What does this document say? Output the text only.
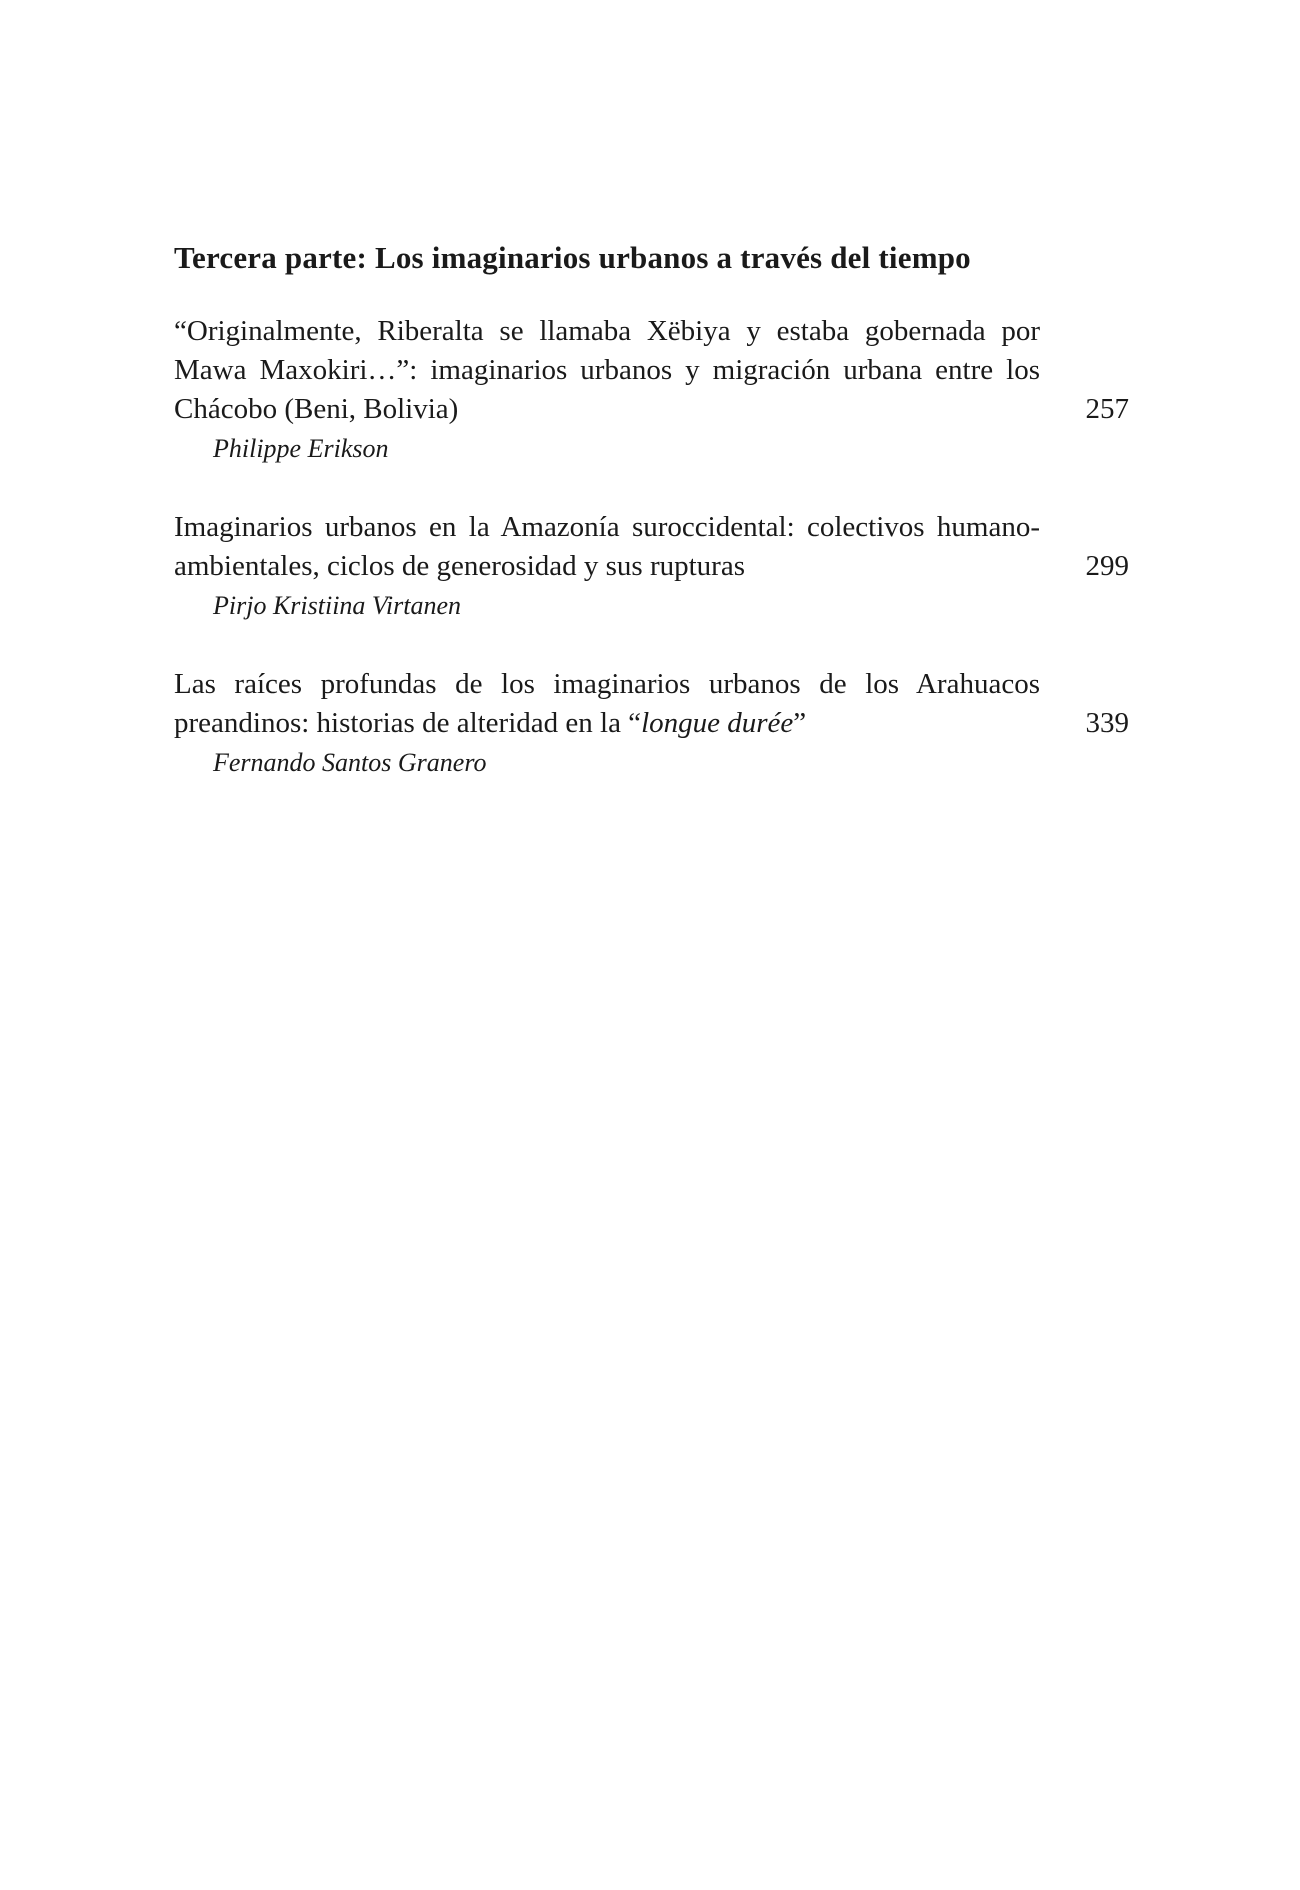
Tercera parte: Los imaginarios urbanos a través del tiempo
“Originalmente, Riberalta se llamaba Xëbiya y estaba gobernada por Mawa Maxokiri…”: imaginarios urbanos y migración urbana entre los Chácobo (Beni, Bolivia)	257
Philippe Erikson
Imaginarios urbanos en la Amazonía suroccidental: colectivos humano-ambientales, ciclos de generosidad y sus rupturas	299
Pirjo Kristiina Virtanen
Las raíces profundas de los imaginarios urbanos de los Arahuacos preandinos: historias de alteridad en la “longue durée”	339
Fernando Santos Granero
